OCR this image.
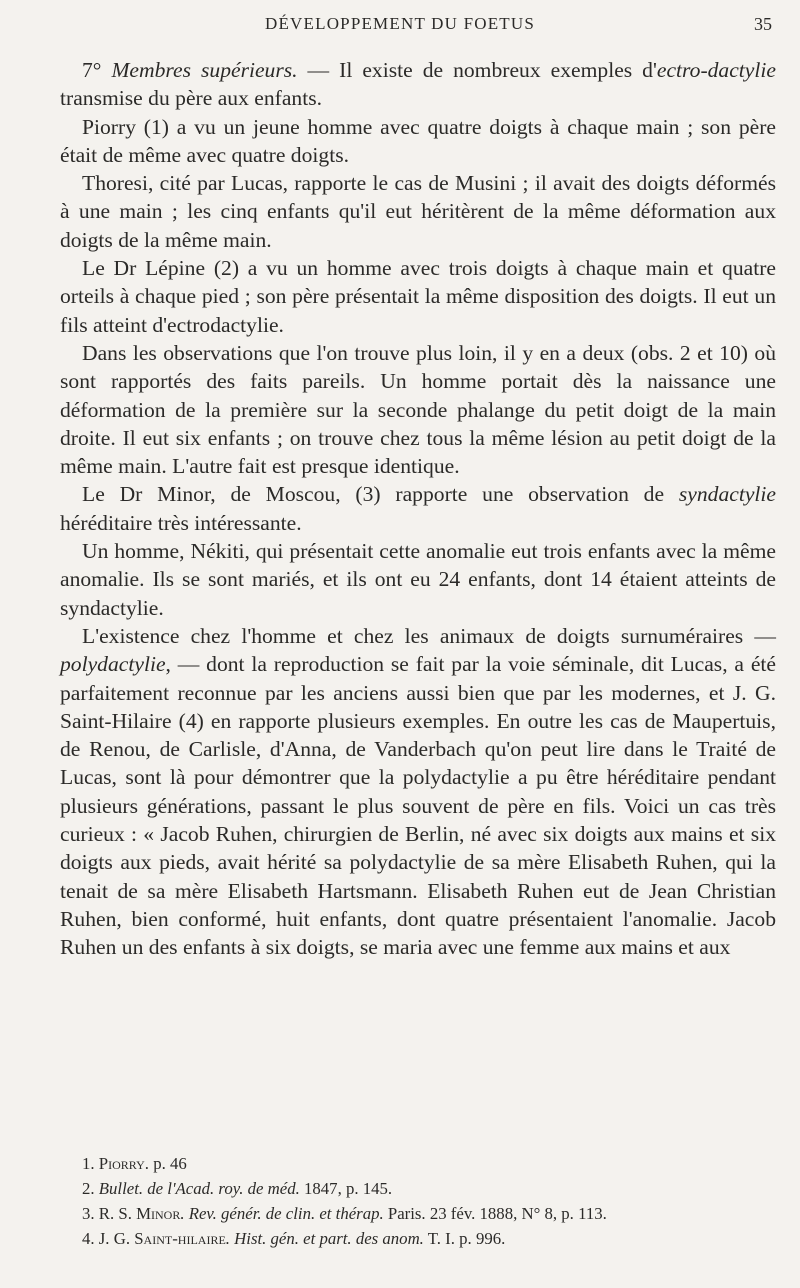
DÉVELOPPEMENT DU FOETUS	35

7° Membres supérieurs. — Il existe de nombreux exemples d'ectro-dactylie transmise du père aux enfants.

Piorry (1) a vu un jeune homme avec quatre doigts à chaque main ; son père était de même avec quatre doigts.

Thoresi, cité par Lucas, rapporte le cas de Musini ; il avait des doigts déformés à une main ; les cinq enfants qu'il eut héritèrent de la même déformation aux doigts de la même main.

Le Dr Lépine (2) a vu un homme avec trois doigts à chaque main et quatre orteils à chaque pied ; son père présentait la même disposition des doigts. Il eut un fils atteint d'ectrodactylie.

Dans les observations que l'on trouve plus loin, il y en a deux (obs. 2 et 10) où sont rapportés des faits pareils. Un homme portait dès la naissance une déformation de la première sur la seconde phalange du petit doigt de la main droite. Il eut six enfants ; on trouve chez tous la même lésion au petit doigt de la même main. L'autre fait est presque identique.

Le Dr Minor, de Moscou, (3) rapporte une observation de syndactylie héréditaire très intéressante.

Un homme, Nékiti, qui présentait cette anomalie eut trois enfants avec la même anomalie. Ils se sont mariés, et ils ont eu 24 enfants, dont 14 étaient atteints de syndactylie.

L'existence chez l'homme et chez les animaux de doigts surnuméraires — polydactylie, — dont la reproduction se fait par la voie séminale, dit Lucas, a été parfaitement reconnue par les anciens aussi bien que par les modernes, et J. G. Saint-Hilaire (4) en rapporte plusieurs exemples. En outre les cas de Maupertuis, de Renou, de Carlisle, d'Anna, de Vanderbach qu'on peut lire dans le Traité de Lucas, sont là pour démontrer que la polydactylie a pu être héréditaire pendant plusieurs générations, passant le plus souvent de père en fils. Voici un cas très curieux : « Jacob Ruhen, chirurgien de Berlin, né avec six doigts aux mains et six doigts aux pieds, avait hérité sa polydactylie de sa mère Elisabeth Ruhen, qui la tenait de sa mère Elisabeth Hartsmann. Elisabeth Ruhen eut de Jean Christian Ruhen, bien conformé, huit enfants, dont quatre présentaient l'anomalie. Jacob Ruhen un des enfants à six doigts, se maria avec une femme aux mains et aux

1. Piorry. p. 46
2. Bullet. de l'Acad. roy. de méd. 1847, p. 145.
3. R. S. Minor. Rev. génér. de clin. et thérap. Paris. 23 fév. 1888, N° 8, p. 113.
4. J. G. Saint-hilaire. Hist. gén. et part. des anom. T. I. p. 996.
